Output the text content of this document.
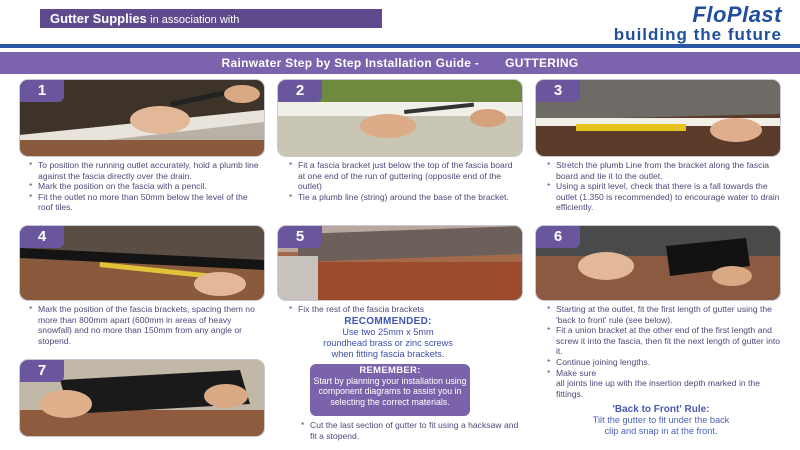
Gutter Supplies in association with	FloPlast
building the future
Rainwater Step by Step Installation Guide - GUTTERING
1

* To position the running outlet accurately, hold a plumb line against the fascia directly over the drain.

* Mark the position on the fascia with a pencil.

* Fit the outlet no more than 50mm below the level of the roof tiles.

2

* Fit a fascia bracket just below the top of the fascia board at one end of the run of guttering (opposite end of the outlet)

* Tie a plumb line (string) around the base of the bracket.

3

* Stretch the plumb Line from the bracket along the fascia board and tie it to the outlet.

* Using a spirit level, check that there is a fall towards the outlet (1.350 is recommended) to encourage water to drain efficiently.

4

* Mark the position of the fascia brackets, spacing them no more than 800mm apart (600mm in areas of heavy snowfall) and no more than 150mm from any angle or stopend.

5

* Fix the rest of the fascia brackets

RECOMMENDED:
Use two 25mm x 5mm
roundhead brass or zinc screws
when fitting fascia brackets.
6

* Starting at the outlet, fit the first length of gutter using the 'back to front' rule (see below).

* Fit a union bracket at the other end of the first length and screw it into the fascia, then fit the next length of gutter into it.

* Continue joining lengths.

* Make sure

all joints line up with the insertion depth marked in the fittings.

7	REMEMBER:
Start by planning your installation using component diagrams to assist you in selecting the correct materials.

* Cut the last section of gutter to fit using a hacksaw and fit a stopend.

'Back to Front' Rule:
Tilt the gutter to fit under the back
clip and snap in at the front.
